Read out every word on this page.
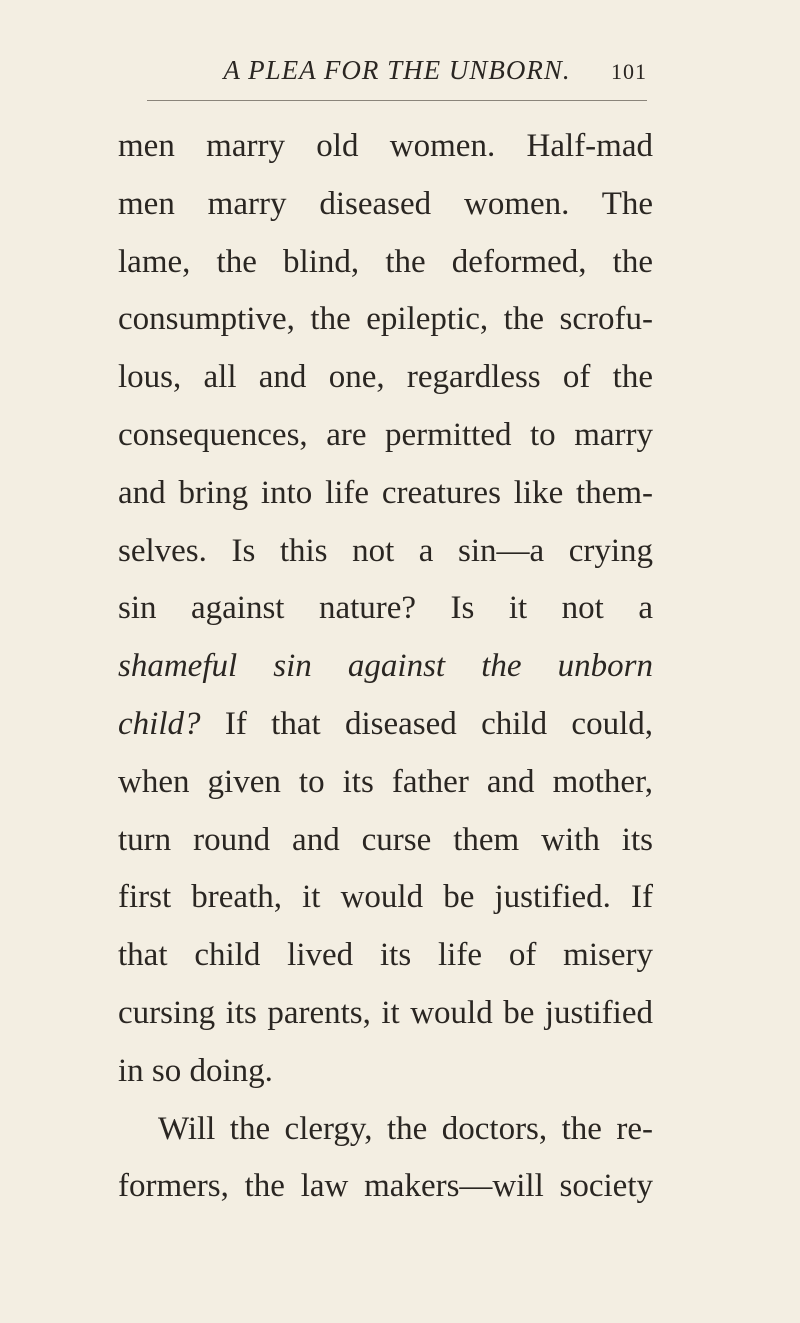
A PLEA FOR THE UNBORN.	101
men marry old women. Half-mad
men marry diseased women. The
lame, the blind, the deformed, the
consumptive, the epileptic, the scrofu-
lous, all and one, regardless of the
consequences, are permitted to marry
and bring into life creatures like them-
selves. Is this not a sin—a crying
sin against nature? Is it not a
shameful sin against the unborn
child? If that diseased child could,
when given to its father and mother,
turn round and curse them with its
first breath, it would be justified. If
that child lived its life of misery
cursing its parents, it would be justified
in so doing.
Will the clergy, the doctors, the re-
formers, the law makers—will society
